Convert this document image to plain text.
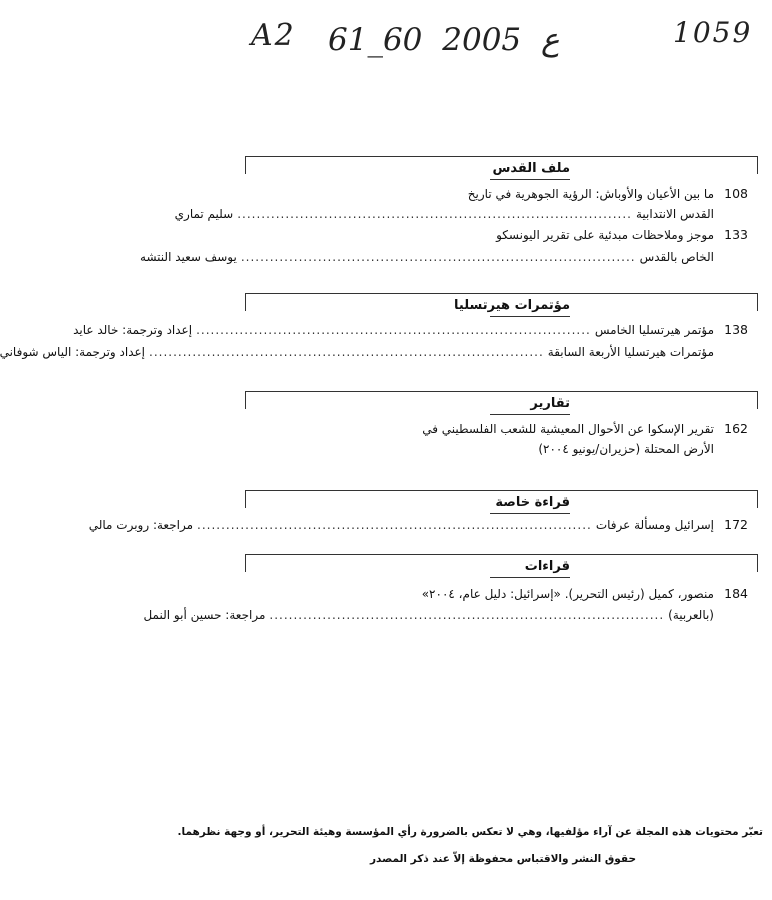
A2 61_60 ع 2005	1059
ملف القدس
108
ما بين الأعيان والأوباش: الرؤية الجوهرية في تاريخ
القدس الانتدابية
..................................................................................
سليم تماري
133
موجز وملاحظات مبدئية على تقرير اليونسكو
الخاص بالقدس
..................................................................................
يوسف سعيد النتشه
مؤتمرات هيرتسليا
138
مؤتمر هيرتسليا الخامس
..................................................................................
إعداد وترجمة: خالد عايد
مؤتمرات هيرتسليا الأربعة السابقة
..................................................................................
إعداد وترجمة: الياس شوفاني
تقارير
162
تقرير الإسكوا عن الأحوال المعيشية للشعب الفلسطيني في
الأرض المحتلة (حزيران/يونيو ٢٠٠٤)
قراءة خاصة
172
إسرائيل ومسألة عرفات
..................................................................................
مراجعة: روبرت مالي
قراءات
184
منصور، كميل (رئيس التحرير). «إسرائيل: دليل عام، ٢٠٠٤»
(بالعربية)
..................................................................................
مراجعة: حسين أبو النمل
تعبّر محتويات هذه المجلة عن آراء مؤلفيها، وهي لا تعكس بالضرورة رأي المؤسسة وهيئة التحرير، أو وجهة نظرهما.
حقوق النشر والاقتباس محفوظة إلاّ عند ذكر المصدر
